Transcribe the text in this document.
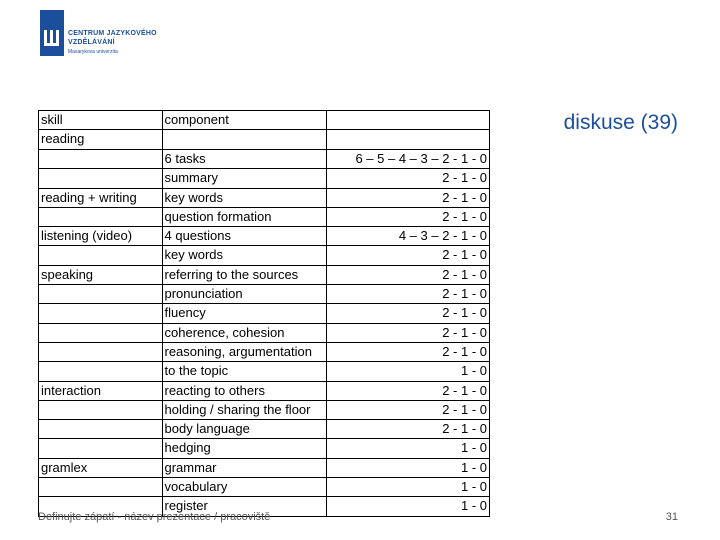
CENTRUM JAZYKOVÉHO
VZDĚLÁVÁNÍ
Masarykova univerzita
diskuse (39)
skill	component	
reading		
	6 tasks	6 – 5 – 4 – 3 – 2 - 1 - 0
	summary	2 - 1 - 0
reading + writing	key words	2 - 1 - 0
	question formation	2 - 1 - 0
listening (video)	4 questions	4 – 3 – 2 - 1 - 0
	key words	2 - 1 - 0
speaking	referring to the sources	2 - 1 - 0
	pronunciation	2 - 1 - 0
	fluency	2 - 1 - 0
	coherence, cohesion	2 - 1 - 0
	reasoning, argumentation	2 - 1 - 0
	to the topic	1 - 0
interaction	reacting to others	2 - 1 - 0
	holding / sharing the floor	2 - 1 - 0
	body language	2 - 1 - 0
	hedging	1 - 0
gramlex	grammar	1 - 0
	vocabulary	1 - 0
	register	1 - 0
Definujte zápatí - název prezentace / pracoviště	31
